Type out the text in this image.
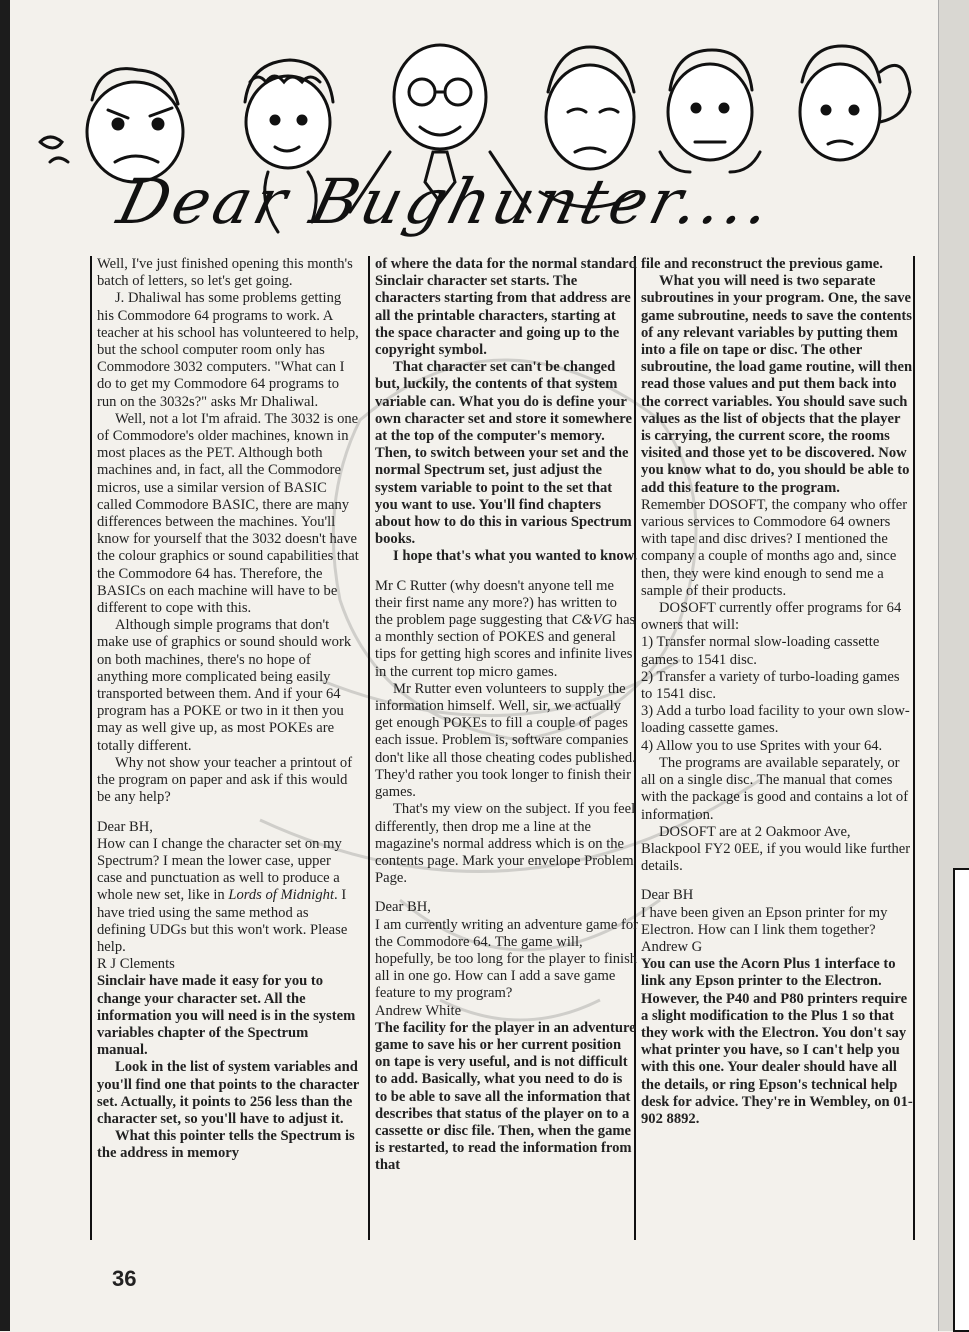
Dear Bughunter....

Well, I've just finished opening this month's batch of letters, so let's get going.

J. Dhaliwal has some problems getting his Commodore 64 programs to work. A teacher at his school has volunteered to help, but the school computer room only has Commodore 3032 computers. "What can I do to get my Commodore 64 programs to run on the 3032s?" asks Mr Dhaliwal.

Well, not a lot I'm afraid. The 3032 is one of Commodore's older machines, known in most places as the PET. Although both machines and, in fact, all the Commodore micros, use a similar version of BASIC called Commodore BASIC, there are many differences between the machines. You'll know for yourself that the 3032 doesn't have the colour graphics or sound capabilities that the Commodore 64 has. Therefore, the BASICs on each machine will have to be different to cope with this.

Although simple programs that don't make use of graphics or sound should work on both machines, there's no hope of anything more complicated being easily transported between them. And if your 64 program has a POKE or two in it then you may as well give up, as most POKEs are totally different.

Why not show your teacher a printout of the program on paper and ask if this would be any help?

Dear BH,

How can I change the character set on my Spectrum? I mean the lower case, upper case and punctuation as well to produce a whole new set, like in Lords of Midnight. I have tried using the same method as defining UDGs but this won't work. Please help.

R J Clements

Sinclair have made it easy for you to change your character set. All the information you will need is in the system variables chapter of the Spectrum manual.

Look in the list of system variables and you'll find one that points to the character set. Actually, it points to 256 less than the character set, so you'll have to adjust it.

What this pointer tells the Spectrum is the address in memory

of where the data for the normal standard Sinclair character set starts. The characters starting from that address are all the printable characters, starting at the space character and going up to the copyright symbol.

That character set can't be changed but, luckily, the contents of that system variable can. What you do is define your own character set and store it somewhere at the top of the computer's memory. Then, to switch between your set and the normal Spectrum set, just adjust the system variable to point to the set that you want to use. You'll find chapters about how to do this in various Spectrum books.

I hope that's what you wanted to know.

Mr C Rutter (why doesn't anyone tell me their first name any more?) has written to the problem page suggesting that C&VG has a monthly section of POKES and general tips for getting high scores and infinite lives in the current top micro games.

Mr Rutter even volunteers to supply the information himself. Well, sir, we actually get enough POKEs to fill a couple of pages each issue. Problem is, software companies don't like all those cheating codes published. They'd rather you took longer to finish their games.

That's my view on the subject. If you feel differently, then drop me a line at the magazine's normal address which is on the contents page. Mark your envelope Problem Page.

Dear BH,

I am currently writing an adventure game for the Commodore 64. The game will, hopefully, be too long for the player to finish all in one go. How can I add a save game feature to my program?

Andrew White

The facility for the player in an adventure game to save his or her current position on tape is very useful, and is not difficult to add. Basically, what you need to do is to be able to save all the information that describes that status of the player on to a cassette or disc file. Then, when the game is restarted, to read the information from that

file and reconstruct the previous game.

What you will need is two separate subroutines in your program. One, the save game subroutine, needs to save the contents of any relevant variables by putting them into a file on tape or disc. The other subroutine, the load game routine, will then read those values and put them back into the correct variables. You should save such values as the list of objects that the player is carrying, the current score, the rooms visited and those yet to be discovered. Now you know what to do, you should be able to add this feature to the program.

Remember DOSOFT, the company who offer various services to Commodore 64 owners with tape and disc drives? I mentioned the company a couple of months ago and, since then, they were kind enough to send me a sample of their products.

DOSOFT currently offer programs for 64 owners that will:

1) Transfer normal slow-loading cassette games to 1541 disc.

2) Transfer a variety of turbo-loading games to 1541 disc.

3) Add a turbo load facility to your own slow-loading cassette games.

4) Allow you to use Sprites with your 64.

The programs are available separately, or all on a single disc. The manual that comes with the package is good and contains a lot of information.

DOSOFT are at 2 Oakmoor Ave, Blackpool FY2 0EE, if you would like further details.

Dear BH

I have been given an Epson printer for my Electron. How can I link them together?

Andrew G

You can use the Acorn Plus 1 interface to link any Epson printer to the Electron. However, the P40 and P80 printers require a slight modification to the Plus 1 so that they work with the Electron. You don't say what printer you have, so I can't help you with this one. Your dealer should have all the details, or ring Epson's technical help desk for advice. They're in Wembley, on 01-902 8892.

36
